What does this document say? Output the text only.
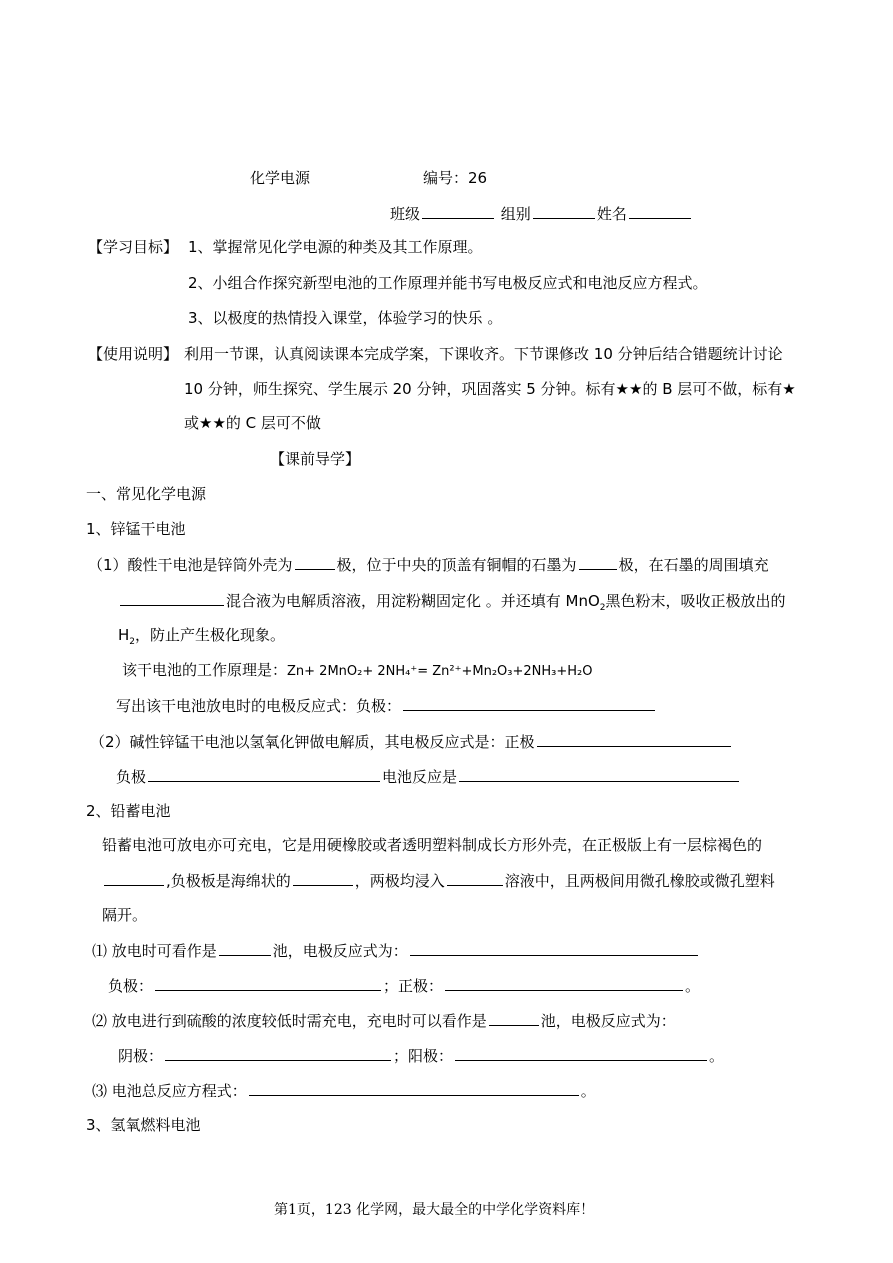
化学电源	编号：26
班级	组别	姓名
【学习目标】 1、掌握常见化学电源的种类及其工作原理。
2、小组合作探究新型电池的工作原理并能书写电极反应式和电池反应方程式。
3、以极度的热情投入课堂，体验学习的快乐 。
【使用说明】 利用一节课，认真阅读课本完成学案，下课收齐。下节课修改 10 分钟后结合错题统计讨论
10 分钟，师生探究、学生展示 20 分钟，巩固落实 5 分钟。标有★★的 B 层可不做，标有★
或★★的 C 层可不做
【课前导学】
一、常见化学电源
1、锌锰干电池
（1）酸性干电池是锌筒外壳为	极，位于中央的顶盖有铜帽的石墨为	极，在石墨的周围填充
混合液为电解质溶液，用淀粉糊固定化 。并还填有 MnO$_2$黑色粉末，吸收正极放出的
$H_2$，防止产生极化现象。
该干电池的工作原理是：Zn+ 2MnO₂+ 2NH₄⁺= Zn²⁺+Mn₂O₃+2NH₃+H₂O
写出该干电池放电时的电极反应式：负极：
（2）碱性锌锰干电池以氢氧化钾做电解质，其电极反应式是：正极
负极	电池反应是
2、铅蓄电池
铅蓄电池可放电亦可充电，它是用硬橡胶或者透明塑料制成长方形外壳，在正极版上有一层棕褐色的
,负极板是海绵状的	，两极均浸入	溶液中，且两极间用微孔橡胶或微孔塑料
隔开。
⑴ 放电时可看作是	池，电极反应式为：
负极：	；正极：	。
⑵ 放电进行到硫酸的浓度较低时需充电，充电时可以看作是	池，电极反应式为：
阴极：	；阳极：	。
⑶ 电池总反应方程式：	。
3、氢氧燃料电池
第1页，123 化学网，最大最全的中学化学资料库！
